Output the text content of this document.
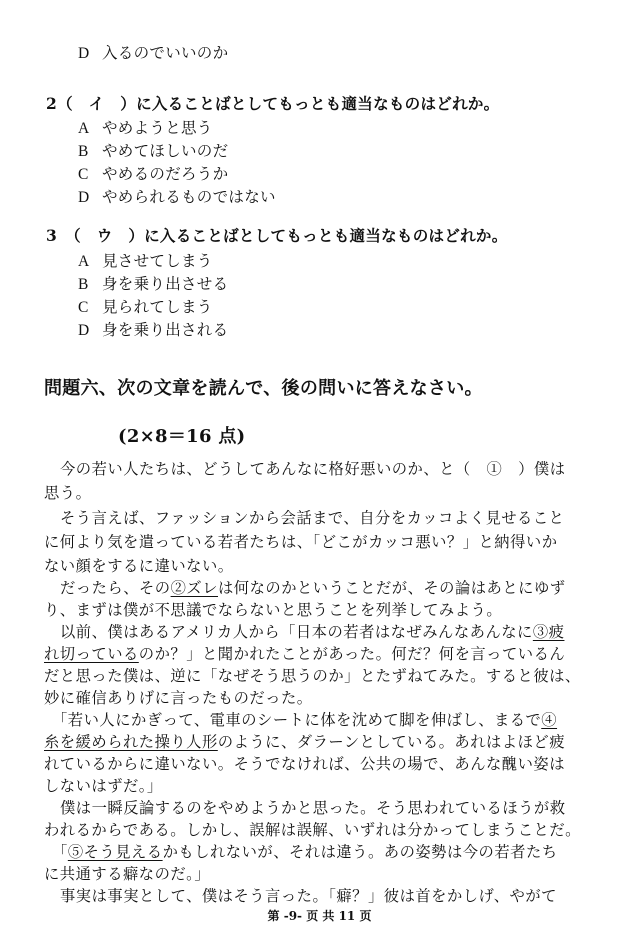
D 入るのでいいのか
2（　イ　）に入ることばとしてもっとも適当なものはどれか。
A やめようと思う
B やめてほしいのだ
C やめるのだろうか
D やめられるものではない
3　（　ウ　）に入ることばとしてもっとも適当なものはどれか。
A 見させてしまう
B 身を乗り出させる
C 見られてしまう
D 身を乗り出される
問題六、次の文章を読んで、後の問いに答えなさい。
(2×8＝16 点)
今の若い人たちは、どうしてあんなに格好悪いのか、と（　①　）僕は
思う。
そう言えば、ファッションから会話まで、自分をカッコよく見せること
に何より気を遣っている若者たちは、「どこがカッコ悪い？」と納得いか
ない顔をするに違いない。
だったら、その②ズレは何なのかということだが、その論はあとにゆず
り、まずは僕が不思議でならないと思うことを列挙してみよう。
以前、僕はあるアメリカ人から「日本の若者はなぜみんなあんなに③疲
れ切っているのか？」と聞かれたことがあった。何だ？何を言っているん
だと思った僕は、逆に「なぜそう思うのか」とたずねてみた。すると彼は、
妙に確信ありげに言ったものだった。
「若い人にかぎって、電車のシートに体を沈めて脚を伸ばし、まるで④
糸を緩められた操り人形のように、ダラーンとしている。あれはよほど疲
れているからに違いない。そうでなければ、公共の場で、あんな醜い姿は
しないはずだ。」
僕は一瞬反論するのをやめようかと思った。そう思われているほうが救
われるからである。しかし、誤解は誤解、いずれは分かってしまうことだ。
「⑤そう見えるかもしれないが、それは違う。あの姿勢は今の若者たち
に共通する癖なのだ。」
事実は事実として、僕はそう言った。「癖？」彼は首をかしげ、やがて
第 -9- 页 共 11 页
